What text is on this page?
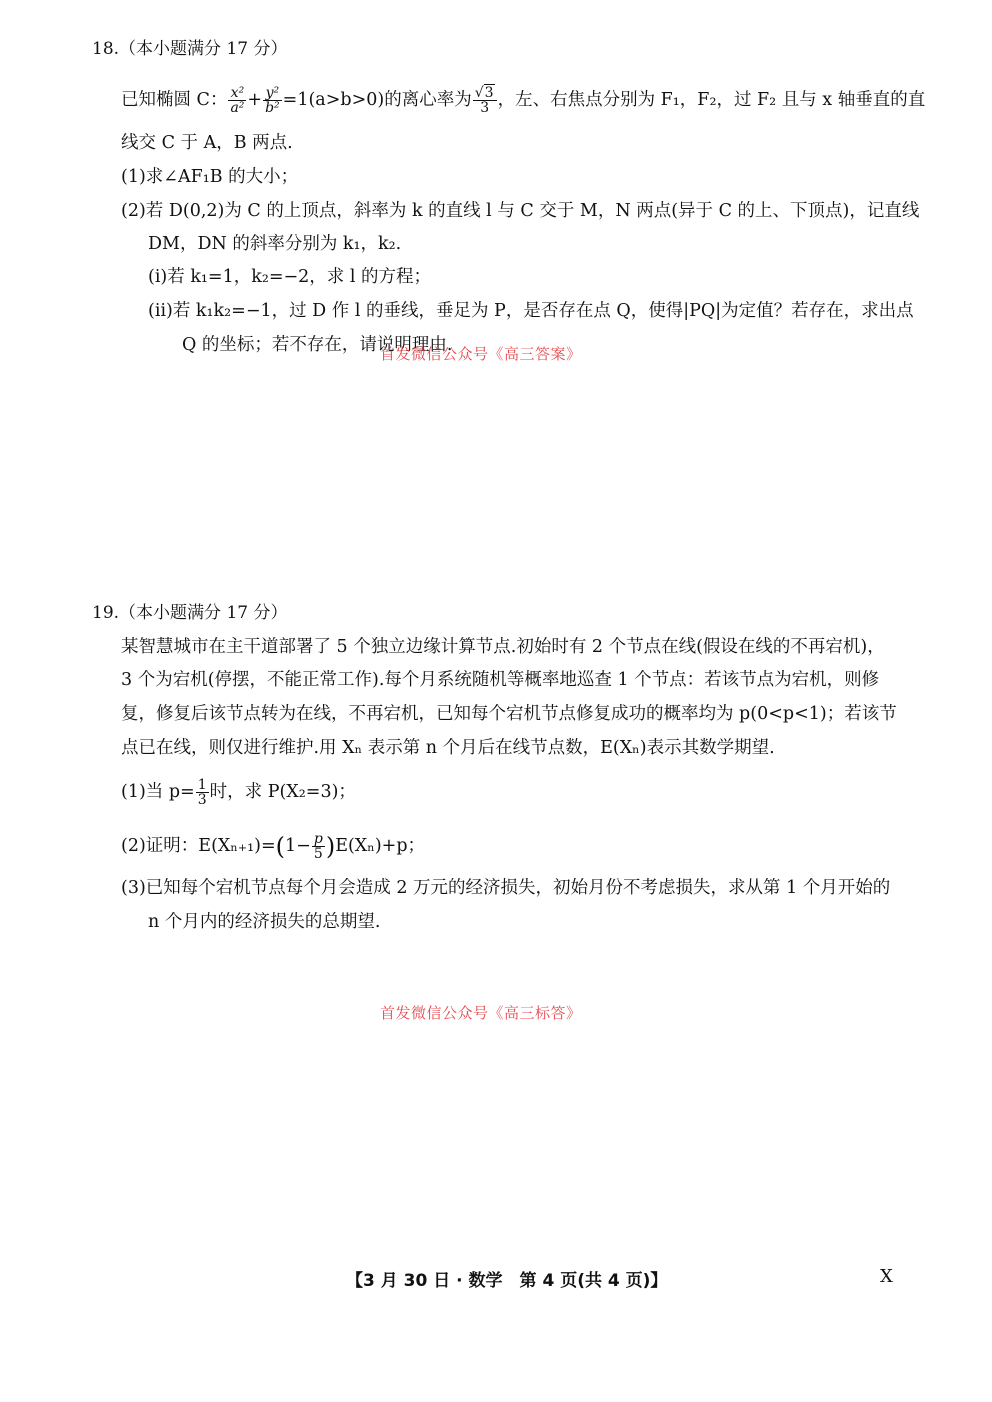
18.（本小题满分 17 分）
已知椭圆 C： $\frac{\text{x²}}{\text{a²}} + \frac{\text{y²}}{\text{b²}} =1(a>b>0)$的离心率为 $\frac{√3}{3}$ ，左、右焦点分别为 F₁，F₂，过 F₂ 且与 x 轴垂直的直
线交 C 于 A，B 两点.
(1)求∠AF₁B 的大小；
(2)若 D(0,2)为 C 的上顶点，斜率为 k 的直线 l 与 C 交于 M，N 两点(异于 C 的上、下顶点)，记直线
DM，DN 的斜率分别为 k₁，k₂.
(ⅰ)若 k₁=1，k₂=−2，求 l 的方程；
(ⅱ)若 k₁k₂=−1，过 D 作 l 的垂线，垂足为 P，是否存在点 Q，使得|PQ|为定值？若存在，求出点
Q 的坐标；若不存在，请说明理由.
首发微信公众号《高三答案》
19.（本小题满分 17 分）
某智慧城市在主干道部署了 5 个独立边缘计算节点.初始时有 2 个节点在线(假设在线的不再宕机)，
3 个为宕机(停摆，不能正常工作).每个月系统随机等概率地巡查 1 个节点：若该节点为宕机，则修
复，修复后该节点转为在线，不再宕机，已知每个宕机节点修复成功的概率均为 p(0<p<1)；若该节
点已在线，则仅进行维护.用 Xₙ 表示第 n 个月后在线节点数，E(Xₙ)表示其数学期望.
(1)当 $p= \frac{1}{3}$ 时，求 P(X₂=3)；
(2)证明：$E(X_{n+1})=(1- \frac{p}{5} )E(X_n)+p$；
(3)已知每个宕机节点每个月会造成 2 万元的经济损失，初始月份不考虑损失，求从第 1 个月开始的
n 个月内的经济损失的总期望.
首发微信公众号《高三标答》
【3 月 30 日 · 数学　第 4 页(共 4 页)】	X
